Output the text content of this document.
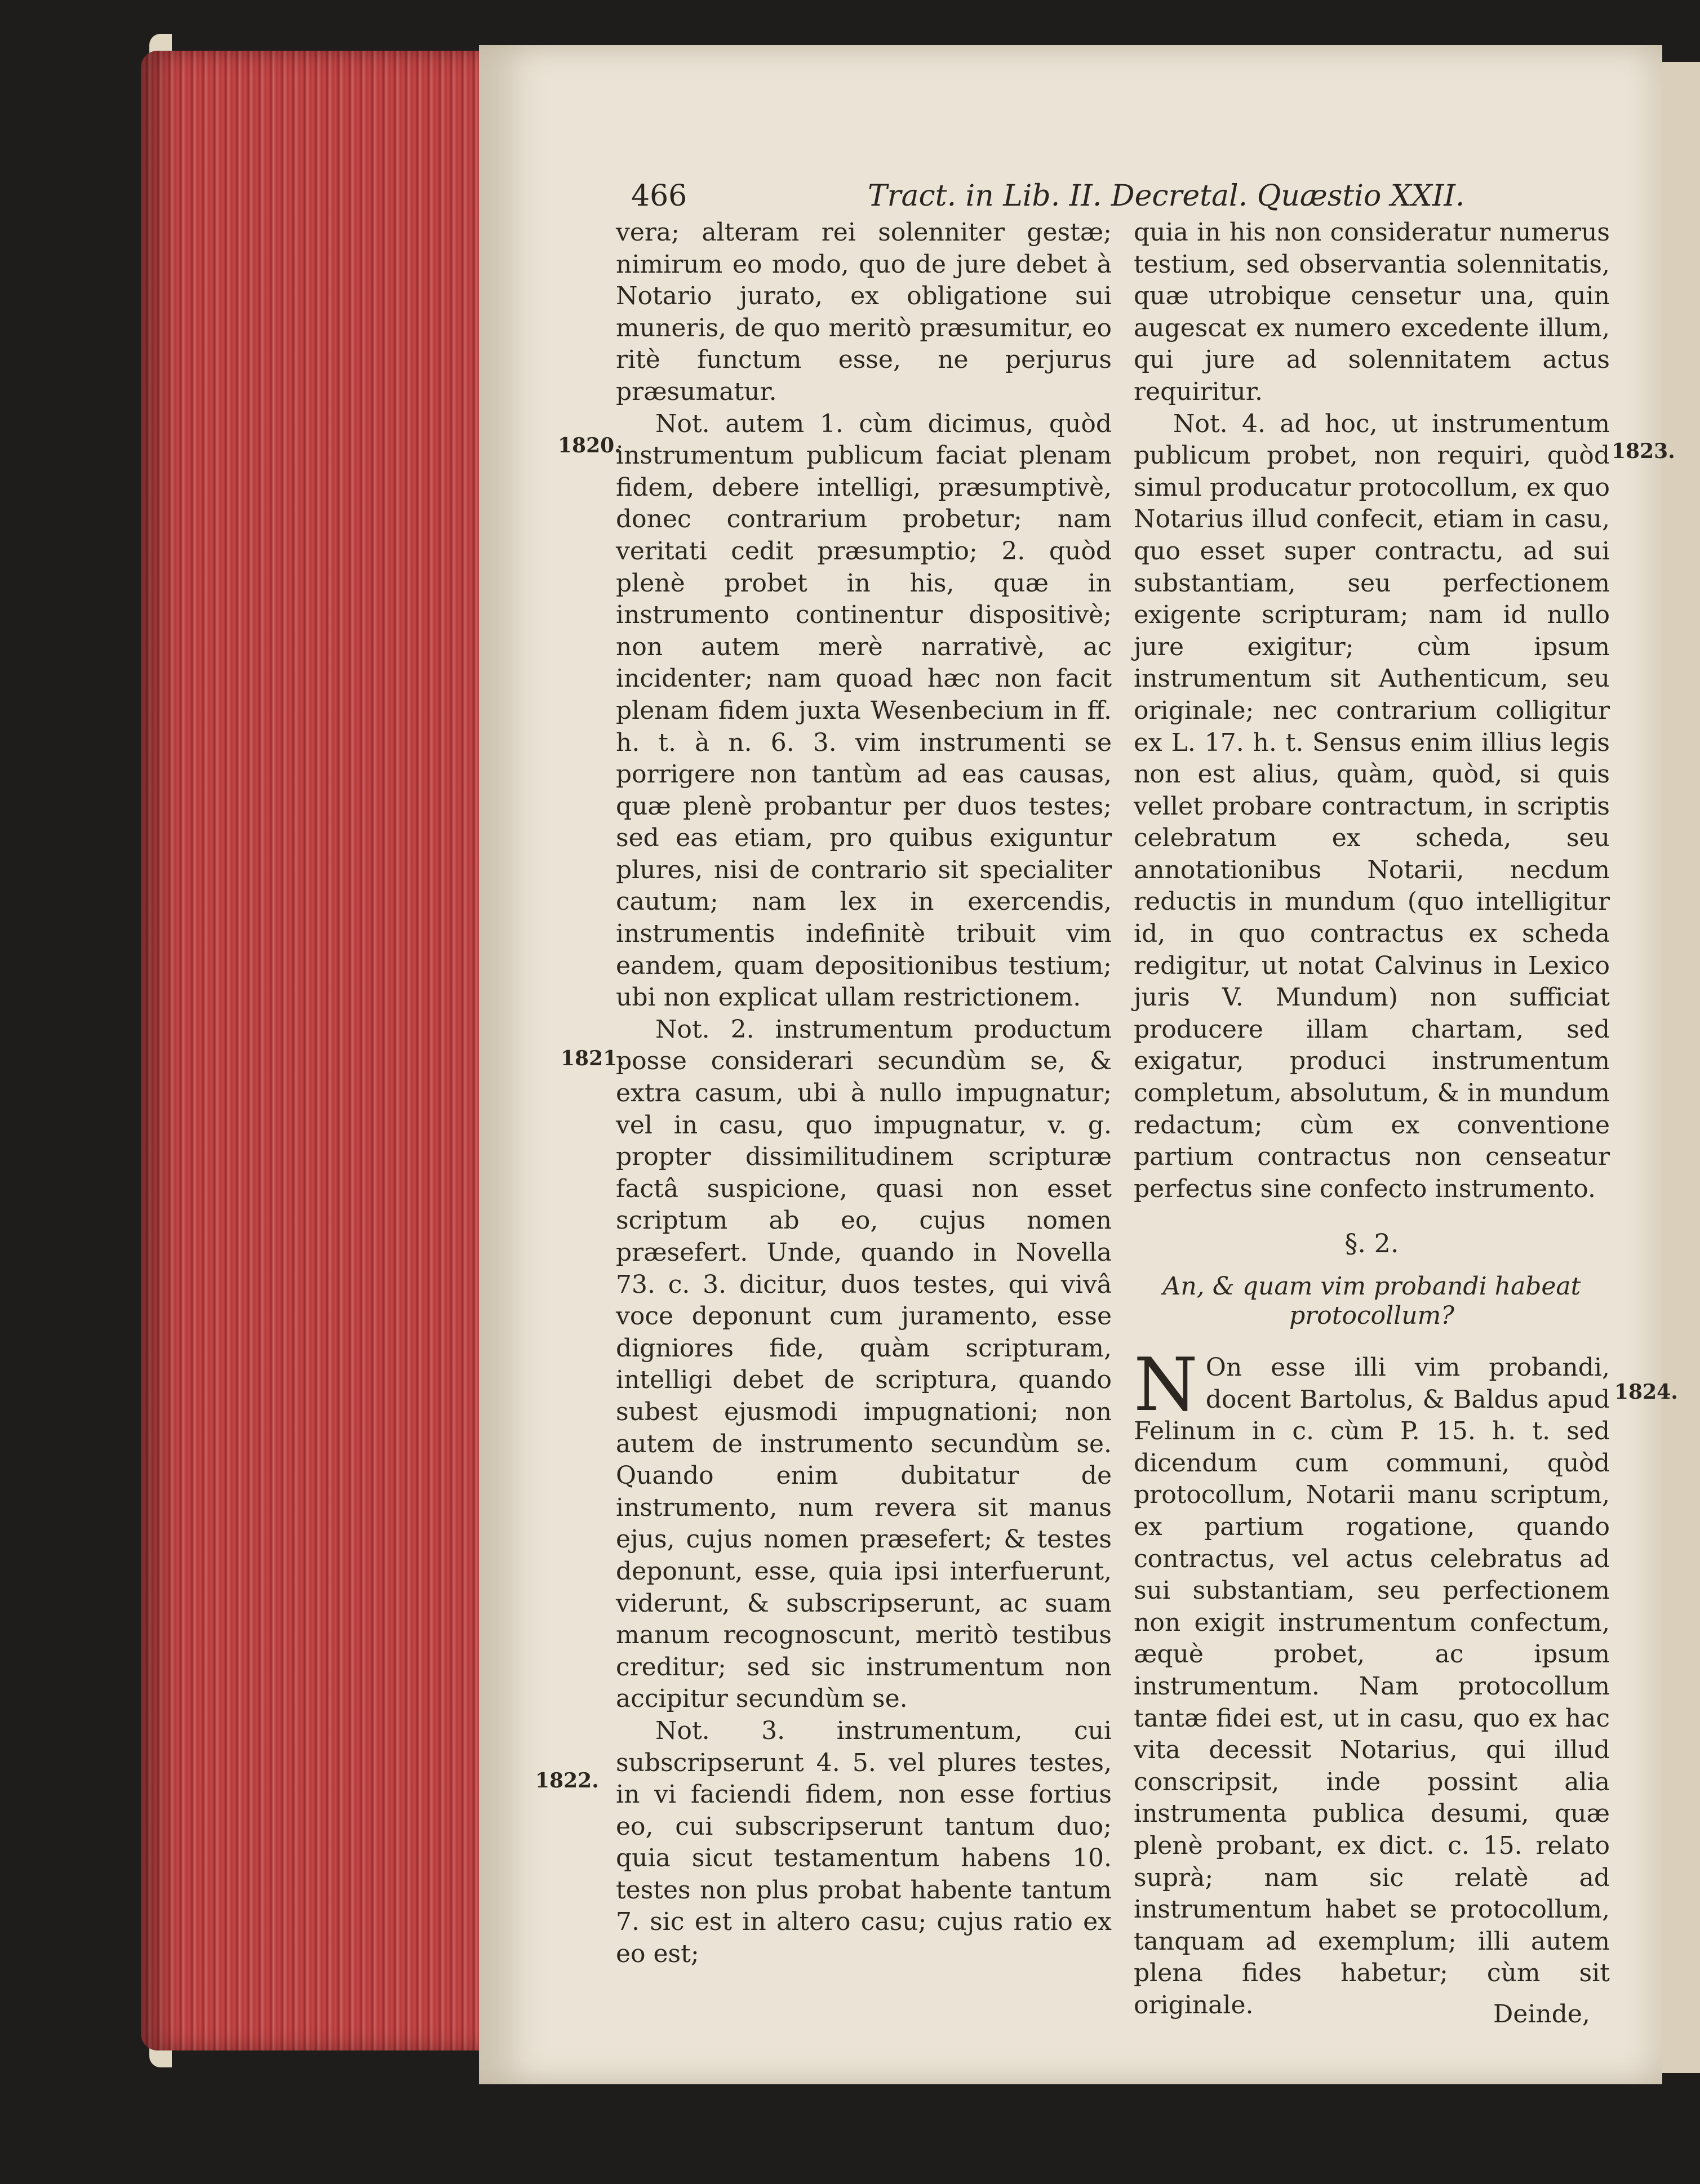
466	Tract. in Lib. II. Decretal. Quæstio XXII.
1820.
1821.
1822.
1823.
1824.

vera; alteram rei solenniter gestæ; nimirum eo modo, quo de jure debet à Notario jurato, ex obligatione sui muneris, de quo meritò præsumitur, eo ritè functum esse, ne perjurus præsumatur.

Not. autem 1. cùm dicimus, quòd instrumentum publicum faciat plenam fidem, debere intelligi, præsumptivè, donec contrarium probetur; nam veritati cedit præsumptio; 2. quòd plenè probet in his, quæ in instrumento continentur dispositivè; non autem merè narrativè, ac incidenter; nam quoad hæc non facit plenam fidem juxta Wesenbecium in ff. h. t. à n. 6. 3. vim instrumenti se porrigere non tantùm ad eas causas, quæ plenè probantur per duos testes; sed eas etiam, pro quibus exiguntur plures, nisi de contrario sit specialiter cautum; nam lex in exercendis, instrumentis indefinitè tribuit vim eandem, quam depositionibus testium; ubi non explicat ullam restrictionem.

Not. 2. instrumentum productum posse considerari secundùm se, & extra casum, ubi à nullo impugnatur; vel in casu, quo impugnatur, v. g. propter dissimilitudinem scripturæ factâ suspicione, quasi non esset scriptum ab eo, cujus nomen præsefert. Unde, quando in Novella 73. c. 3. dicitur, duos testes, qui vivâ voce deponunt cum juramento, esse digniores fide, quàm scripturam, intelligi debet de scriptura, quando subest ejusmodi impugnationi; non autem de instrumento secundùm se. Quando enim dubitatur de instrumento, num revera sit manus ejus, cujus nomen præsefert; & testes deponunt, esse, quia ipsi interfuerunt, viderunt, & subscripserunt, ac suam manum recognoscunt, meritò testibus creditur; sed sic instrumentum non accipitur secundùm se.

Not. 3. instrumentum, cui subscripserunt 4. 5. vel plures testes, in vi faciendi fidem, non esse fortius eo, cui subscripserunt tantum duo; quia sicut testamentum habens 10. testes non plus probat habente tantum 7. sic est in altero casu; cujus ratio ex eo est;

quia in his non consideratur numerus testium, sed observantia solennitatis, quæ utrobique censetur una, quin augescat ex numero excedente illum, qui jure ad solennitatem actus requiritur.

Not. 4. ad hoc, ut instrumentum publicum probet, non requiri, quòd simul producatur protocollum, ex quo Notarius illud confecit, etiam in casu, quo esset super contractu, ad sui substantiam, seu perfectionem exigente scripturam; nam id nullo jure exigitur; cùm ipsum instrumentum sit Authenticum, seu originale; nec contrarium colligitur ex L. 17. h. t. Sensus enim illius legis non est alius, quàm, quòd, si quis vellet probare contractum, in scriptis celebratum ex scheda, seu annotationibus Notarii, necdum reductis in mundum (quo intelligitur id, in quo contractus ex scheda redigitur, ut notat Calvinus in Lexico juris V. Mundum) non sufficiat producere illam chartam, sed exigatur, produci instrumentum completum, absolutum, & in mundum redactum; cùm ex conventione partium contractus non censeatur perfectus sine confecto instrumento.

§. 2.
An, & quam vim probandi habeat protocollum?

N On esse illi vim probandi, docent Bartolus, & Baldus apud Felinum in c. cùm P. 15. h. t. sed dicendum cum communi, quòd protocollum, Notarii manu scriptum, ex partium rogatione, quando contractus, vel actus celebratus ad sui substantiam, seu perfectionem non exigit instrumentum confectum, æquè probet, ac ipsum instrumentum. Nam protocollum tantæ fidei est, ut in casu, quo ex hac vita decessit Notarius, qui illud conscripsit, inde possint alia instrumenta publica desumi, quæ plenè probant, ex dict. c. 15. relato suprà; nam sic relatè ad instrumentum habet se protocollum, tanquam ad exemplum; illi autem plena fides habetur; cùm sit originale.	Deinde,
